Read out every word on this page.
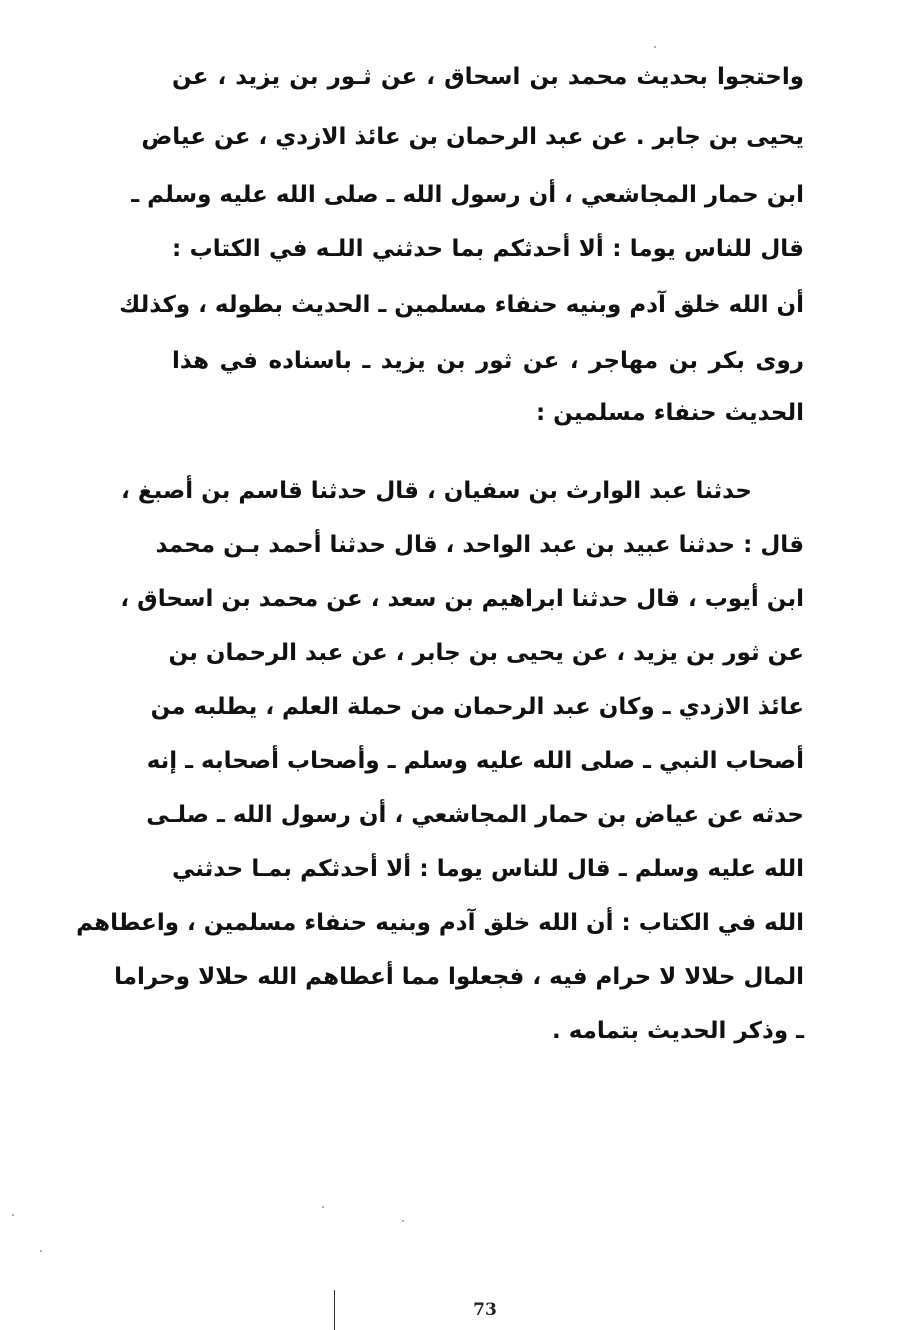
واحتجوا بحديث محمد بن اسحاق ، عن ثـور بن يزيد ، عن
يحيى بن جابر . عن عبد الرحمان بن عائذ الازدي ، عن عياض
ابن حمار المجاشعي ، أن رسول الله ـ صلى الله عليه وسلم ـ
قال للناس يوما : ألا أحدثكم بما حدثني اللـه في الكتاب :
أن الله خلق آدم وبنيه حنفاء مسلمين ـ الحديث بطوله ، وكذلك
روى بكر بن مهاجر ، عن ثور بن يزيد ـ باسناده في هذا
الحديث حنفاء مسلمين :
حدثنا عبد الوارث بن سفيان ، قال حدثنا قاسم بن أصبغ ،
قال : حدثنا عبيد بن عبد الواحد ، قال حدثنا أحمد بـن محمد
ابن أيوب ، قال حدثنا ابراهيم بن سعد ، عن محمد بن اسحاق ،
عن ثور بن يزيد ، عن يحيى بن جابر ، عن عبد الرحمان بن
عائذ الازدي ـ وكان عبد الرحمان من حملة العلم ، يطلبه من
أصحاب النبي ـ صلى الله عليه وسلم ـ وأصحاب أصحابه ـ إنه
حدثه عن عياض بن حمار المجاشعي ، أن رسول الله ـ صلـى
الله عليه وسلم ـ قال للناس يوما : ألا أحدثكم بمـا حدثني
الله في الكتاب : أن الله خلق آدم وبنيه حنفاء مسلمين ، واعطاهم
المال حلالا لا حرام فيه ، فجعلوا مما أعطاهم الله حلالا وحراما
ـ وذكر الحديث بتمامه .
73
